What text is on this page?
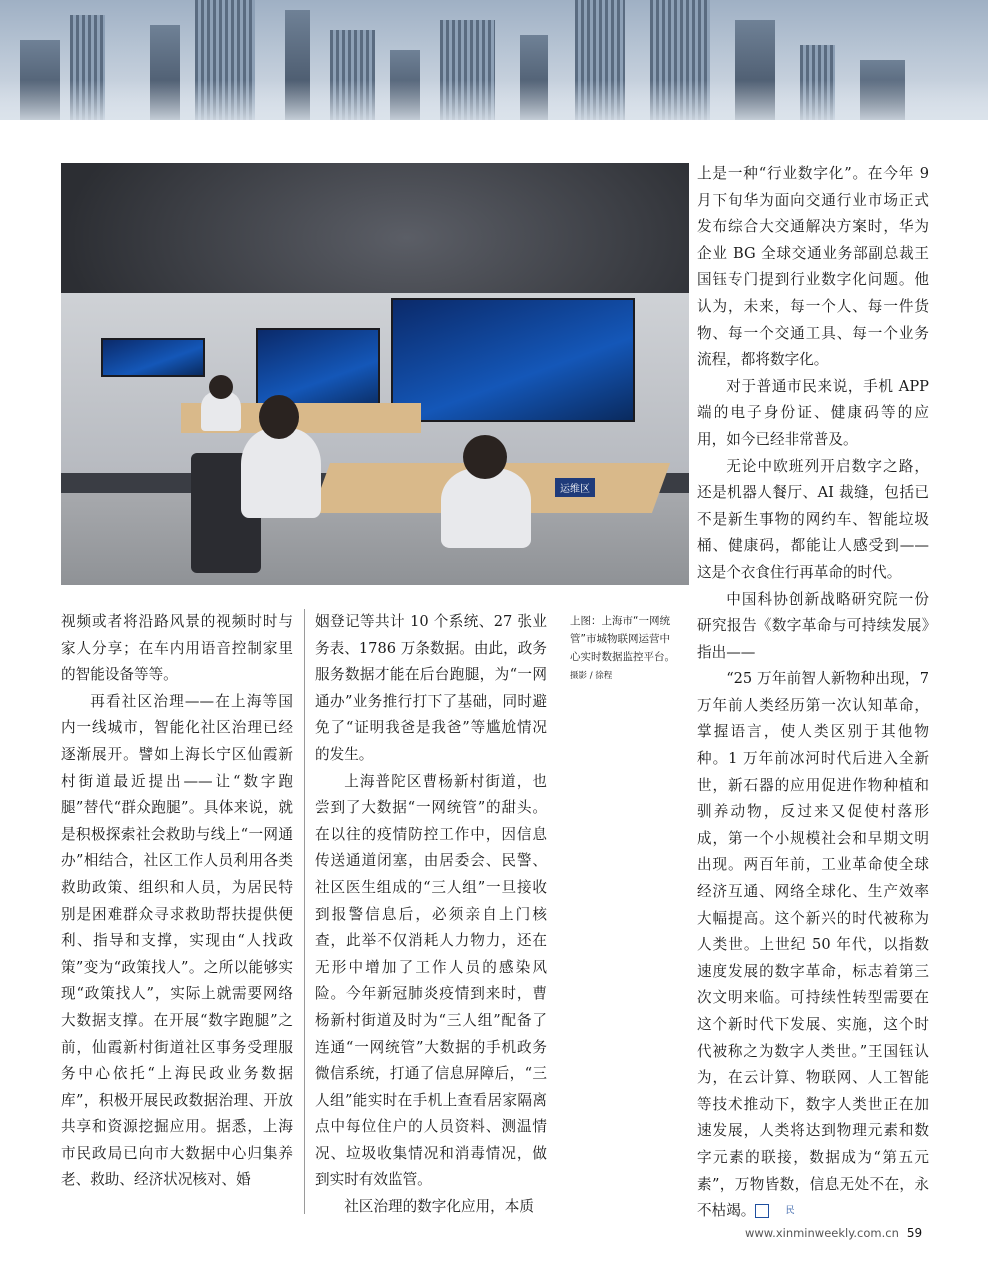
运维区

视频或者将沿路风景的视频时时与家人分享；在车内用语音控制家里的智能设备等等。

再看社区治理——在上海等国内一线城市，智能化社区治理已经逐渐展开。譬如上海长宁区仙霞新村街道最近提出——让“数字跑腿”替代“群众跑腿”。具体来说，就是积极探索社会救助与线上“一网通办”相结合，社区工作人员利用各类救助政策、组织和人员，为居民特别是困难群众寻求救助帮扶提供便利、指导和支撑，实现由“人找政策”变为“政策找人”。之所以能够实现“政策找人”，实际上就需要网络大数据支撑。在开展“数字跑腿”之前，仙霞新村街道社区事务受理服务中心依托“上海民政业务数据库”，积极开展民政数据治理、开放共享和资源挖掘应用。据悉，上海市民政局已向市大数据中心归集养老、救助、经济状况核对、婚

姻登记等共计 10 个系统、27 张业务表、1786 万条数据。由此，政务服务数据才能在后台跑腿，为“一网通办”业务推行打下了基础，同时避免了“证明我爸是我爸”等尴尬情况的发生。

上海普陀区曹杨新村街道，也尝到了大数据“一网统管”的甜头。在以往的疫情防控工作中，因信息传送通道闭塞，由居委会、民警、社区医生组成的“三人组”一旦接收到报警信息后，必须亲自上门核查，此举不仅消耗人力物力，还在无形中增加了工作人员的感染风险。今年新冠肺炎疫情到来时，曹杨新村街道及时为“三人组”配备了连通“一网统管”大数据的手机政务微信系统，打通了信息屏障后，“三人组”能实时在手机上查看居家隔离点中每位住户的人员资料、测温情况、垃圾收集情况和消毒情况，做到实时有效监管。

社区治理的数字化应用，本质

上图：上海市“一网统管”市城物联网运营中心实时数据监控平台。 摄影 / 徐程

上是一种“行业数字化”。在今年 9 月下旬华为面向交通行业市场正式发布综合大交通解决方案时，华为企业 BG 全球交通业务部副总裁王国钰专门提到行业数字化问题。他认为，未来，每一个人、每一件货物、每一个交通工具、每一个业务流程，都将数字化。

对于普通市民来说，手机 APP 端的电子身份证、健康码等的应用，如今已经非常普及。

无论中欧班列开启数字之路，还是机器人餐厅、AI 裁缝，包括已不是新生事物的网约车、智能垃圾桶、健康码，都能让人感受到——这是个衣食住行再革命的时代。

中国科协创新战略研究院一份研究报告《数字革命与可持续发展》指出——

“25 万年前智人新物种出现，7 万年前人类经历第一次认知革命，掌握语言，使人类区别于其他物种。1 万年前冰河时代后进入全新世，新石器的应用促进作物种植和驯养动物，反过来又促使村落形成，第一个小规模社会和早期文明出现。两百年前，工业革命使全球经济互通、网络全球化、生产效率大幅提高。这个新兴的时代被称为人类世。上世纪 50 年代，以指数速度发展的数字革命，标志着第三次文明来临。可持续性转型需要在这个新时代下发展、实施，这个时代被称之为数字人类世。”王国钰认为，在云计算、物联网、人工智能等技术推动下，数字人类世正在加速发展，人类将达到物理元素和数字元素的联接，数据成为“第五元素”，万物皆数，信息无处不在，永不枯竭。	民

www.xinminweekly.com.cn 59
